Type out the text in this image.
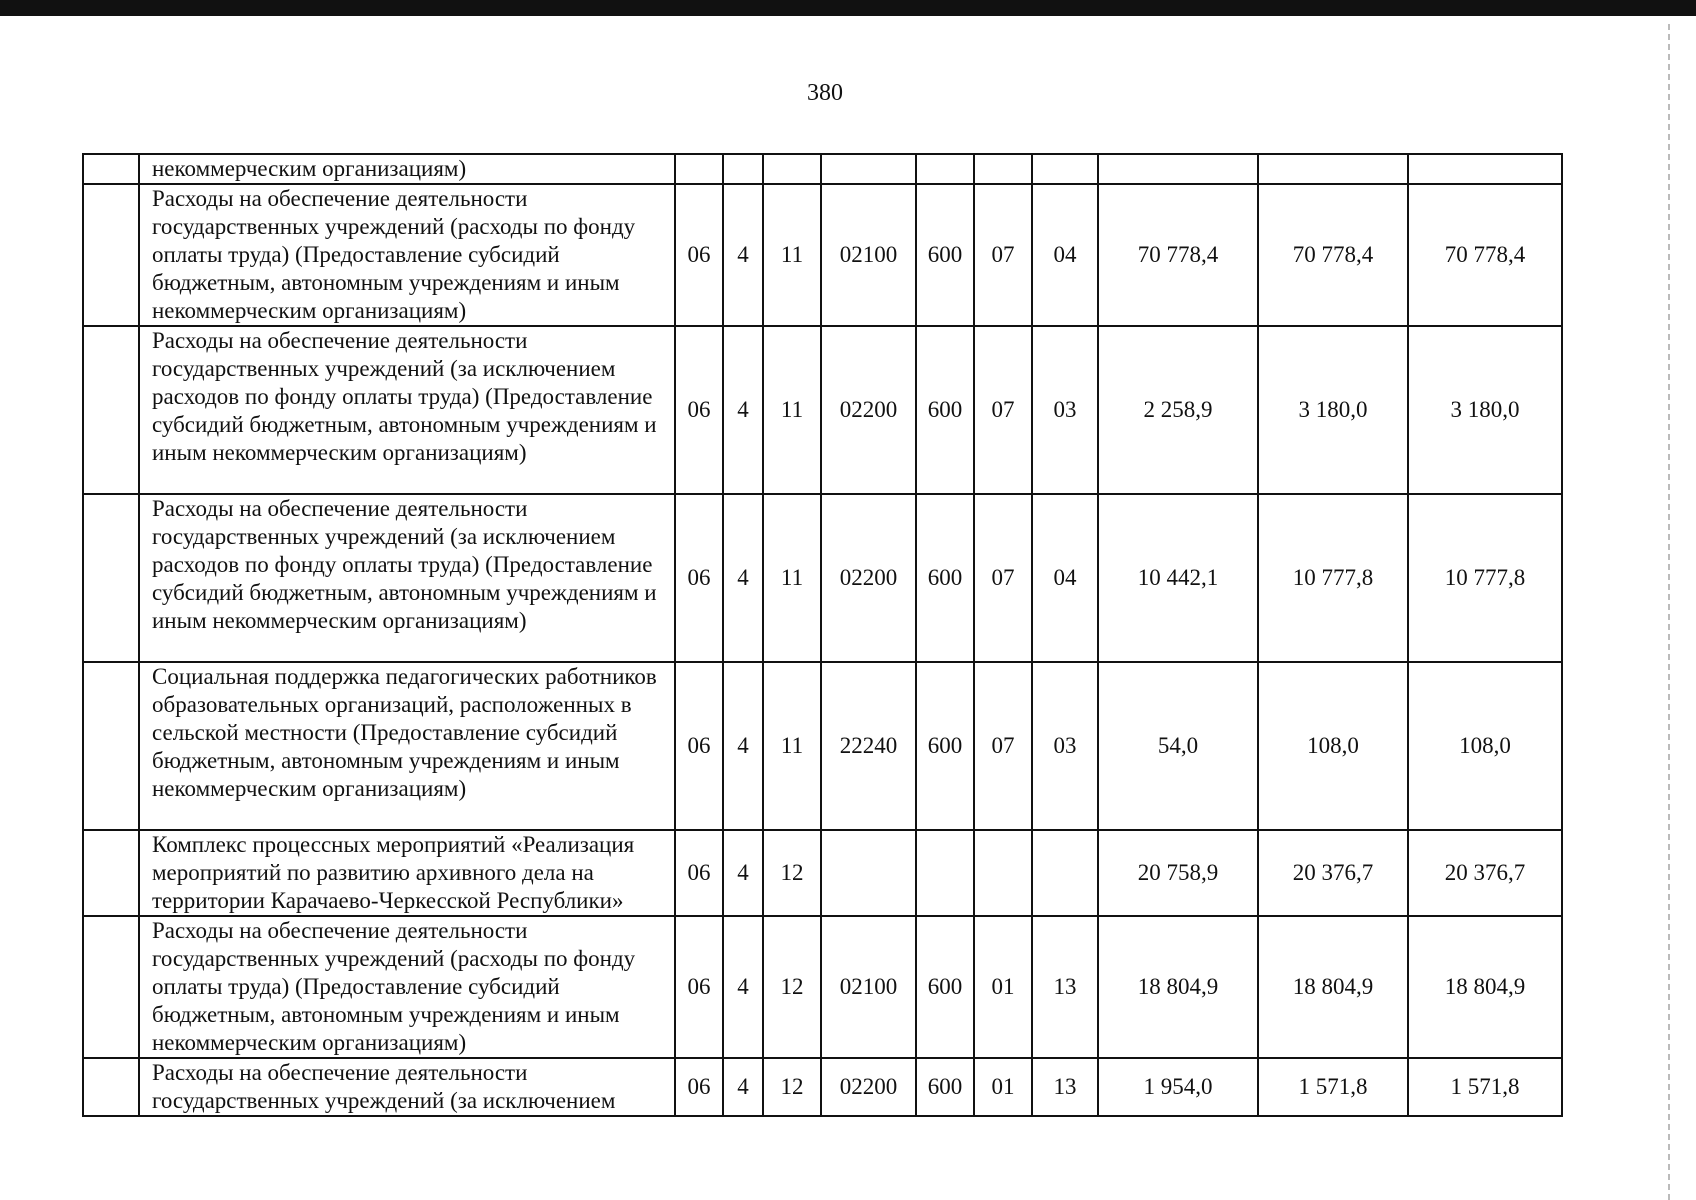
380
	некоммерческим организациям)										
	Расходы на обеспечение деятельности государственных учреждений (расходы по фонду оплаты труда) (Предоставление субсидий бюджетным, автономным учреждениям и иным некоммерческим организациям)	06	4	11	02100	600	07	04	70 778,4	70 778,4	70 778,4
	Расходы на обеспечение деятельности государственных учреждений (за исключением расходов по фонду оплаты труда) (Предоставление субсидий бюджетным, автономным учреждениям и иным некоммерческим организациям)	06	4	11	02200	600	07	03	2 258,9	3 180,0	3 180,0
	Расходы на обеспечение деятельности государственных учреждений (за исключением расходов по фонду оплаты труда) (Предоставление субсидий бюджетным, автономным учреждениям и иным некоммерческим организациям)	06	4	11	02200	600	07	04	10 442,1	10 777,8	10 777,8
	Социальная поддержка педагогических работников образовательных организаций, расположенных в сельской местности (Предоставление субсидий бюджетным, автономным учреждениям и иным некоммерческим организациям)	06	4	11	22240	600	07	03	54,0	108,0	108,0
	Комплекс процессных мероприятий «Реализация мероприятий по развитию архивного дела на территории Карачаево-Черкесской Республики»	06	4	12					20 758,9	20 376,7	20 376,7
	Расходы на обеспечение деятельности государственных учреждений (расходы по фонду оплаты труда) (Предоставление субсидий бюджетным, автономным учреждениям и иным некоммерческим организациям)	06	4	12	02100	600	01	13	18 804,9	18 804,9	18 804,9
	Расходы на обеспечение деятельности государственных учреждений (за исключением	06	4	12	02200	600	01	13	1 954,0	1 571,8	1 571,8
